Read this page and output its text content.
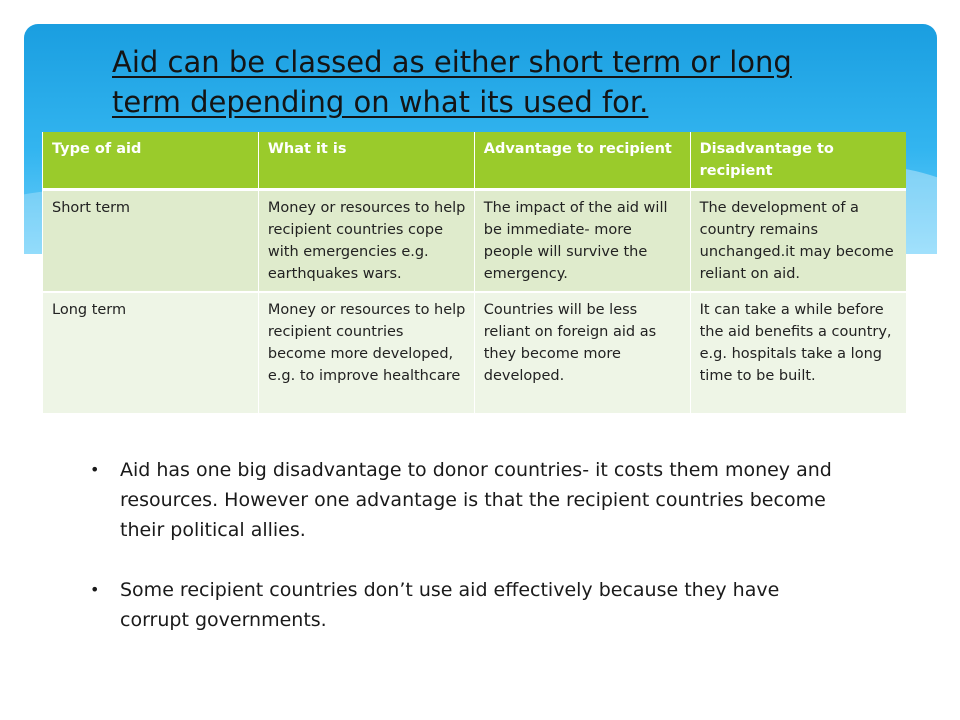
Aid can be classed as either short term or long term depending on what its used for.
Type of aid	What it is	Advantage to recipient	Disadvantage to recipient
Short term	Money or resources to help recipient countries cope with emergencies e.g. earthquakes wars.	The impact of the aid will be immediate- more people will survive the emergency.	The development of a country remains unchanged.it may become reliant on aid.
Long term	Money or resources to help recipient countries become more developed, e.g. to improve healthcare	Countries will be less reliant on foreign aid as they become more developed.	It can take a while before the aid benefits a country, e.g. hospitals take a long time to be built.
• Aid has one big disadvantage to donor countries- it costs them money and resources. However one advantage is that the recipient countries become their political allies.
• Some recipient countries don’t use aid effectively because they have corrupt governments.
